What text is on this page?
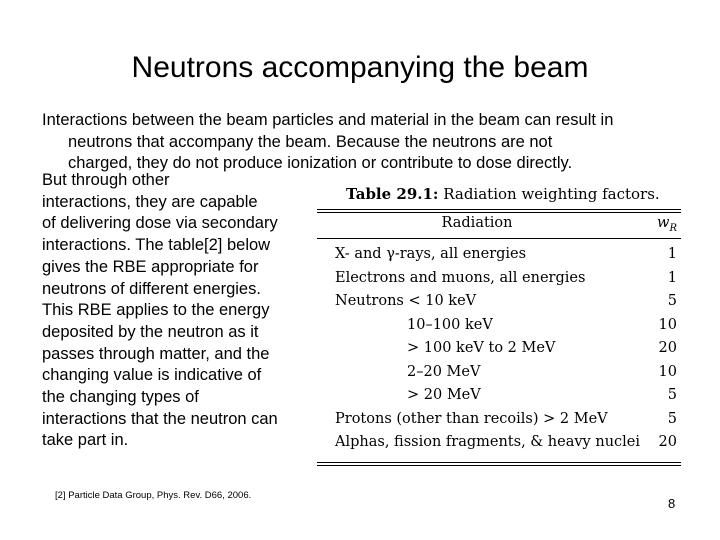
Neutrons accompanying the beam
Interactions between the beam particles and material in the beam can result in
neutrons that accompany the beam. Because the neutrons are not
charged, they do not produce ionization or contribute to dose directly.
But through other
interactions, they are capable
of delivering dose via secondary
interactions. The table[2] below
gives the RBE appropriate for
neutrons of different energies.
This RBE applies to the energy
deposited by the neutron as it
passes through matter, and the
changing value is indicative of
the changing types of
interactions that the neutron can
take part in.
Table 29.1: Radiation weighting factors.
Radiation	$w_R$
X- and γ-rays, all energies	1
Electrons and muons, all energies	1
Neutrons < 10 keV	5
10–100 keV	10
> 100 keV to 2 MeV	20
2–20 MeV	10
> 20 MeV	5
Protons (other than recoils) > 2 MeV	5
Alphas, fission fragments, & heavy nuclei 20
[2] Particle Data Group, Phys. Rev. D66, 2006.
8
